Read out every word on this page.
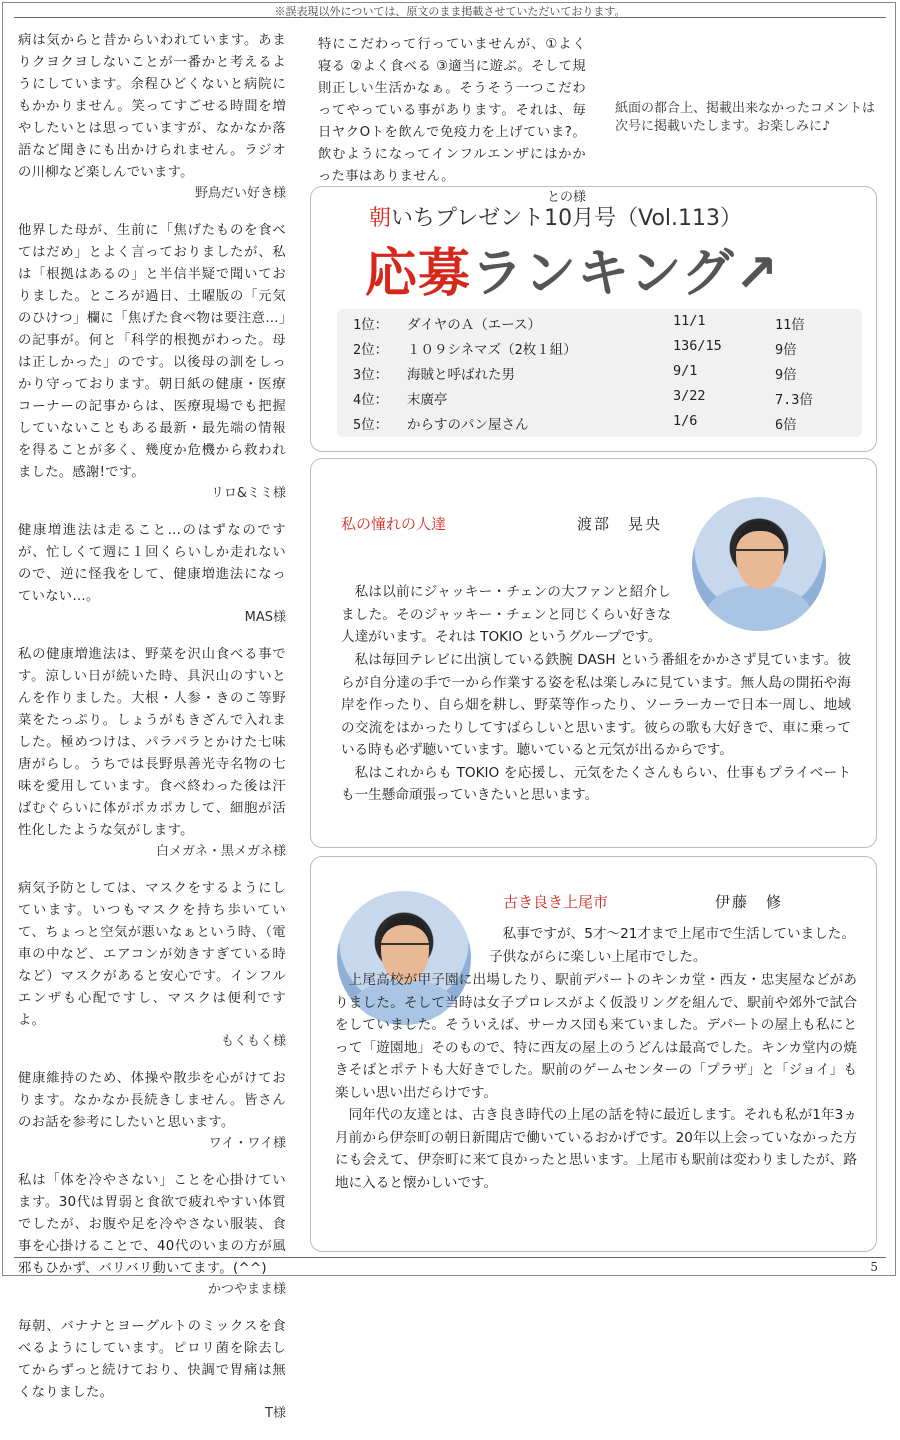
※誤表現以外については、原文のまま掲載させていただいております。
病は気からと昔からいわれています。あまりクヨクヨしないことが一番かと考えるようにしています。余程ひどくないと病院にもかかりません。笑ってすごせる時間を増やしたいとは思っていますが、なかなか落語など聞きにも出かけられません。ラジオの川柳など楽しんでいます。
野鳥だい好き様
他界した母が、生前に「焦げたものを食べてはだめ」とよく言っておりましたが、私は「根拠はあるの」と半信半疑で聞いておりました。ところが過日、土曜版の「元気のひけつ」欄に「焦げた食べ物は要注意…」の記事が。何と「科学的根拠がわった。母は正しかった」のです。以後母の訓をしっかり守っております。朝日紙の健康・医療コーナーの記事からは、医療現場でも把握していないこともある最新・最先端の情報を得ることが多く、幾度か危機から救われました。感謝!です。
リロ&ミミ様
健康増進法は走ること…のはずなのですが、忙しくて週に１回くらいしか走れないので、逆に怪我をして、健康増進法になっていない…。
MAS様
私の健康増進法は、野菜を沢山食べる事です。涼しい日が続いた時、具沢山のすいとんを作りました。大根・人参・きのこ等野菜をたっぷり。しょうがもきざんで入れました。極めつけは、パラパラとかけた七味唐がらし。うちでは長野県善光寺名物の七味を愛用しています。食べ終わった後は汗ばむぐらいに体がポカポカして、細胞が活性化したような気がします。
白メガネ・黒メガネ様
病気予防としては、マスクをするようにしています。いつもマスクを持ち歩いていて、ちょっと空気が悪いなぁという時、（電車の中など、エアコンが効きすぎている時など）マスクがあると安心です。インフルエンザも心配ですし、マスクは便利ですよ。
もくもく様
健康維持のため、体操や散歩を心がけております。なかなか長続きしません。皆さんのお話を参考にしたいと思います。
ワイ・ワイ様
私は「体を冷やさない」ことを心掛けています。30代は胃弱と食欲で疲れやすい体質でしたが、お腹や足を冷やさない服装、食事を心掛けることで、40代のいまの方が風邪もひかず、バリバリ動いてます。(^^)
かつやまま様
毎朝、バナナとヨーグルトのミックスを食べるようにしています。ピロリ菌を除去してからずっと続けており、快調で胃痛は無くなりました。
T様
特にこだわって行っていませんが、①よく寝る ②よく食べる ③適当に遊ぶ。そして規則正しい生活かなぁ。そうそう一つこだわってやっている事があります。それは、毎日ヤクOトを飲んで免疫力を上げていま?。飲むようになってインフルエンザにはかかった事はありません。
との様
紙面の都合上、掲載出来なかったコメントは次号に掲載いたします。お楽しみに♪
朝いちプレゼント10月号（Vol.113）
応募ランキング↗
1位： ダイヤのＡ（エース）	11/1	11倍
2位： １０９シネマズ（2枚１組）	136/15	9倍
3位： 海賊と呼ばれた男	9/1	9倍
4位： 末廣亭	3/22	7.3倍
5位： からすのパン屋さん	1/6	6倍
私の憧れの人達	渡部　晃央

私は以前にジャッキー・チェンの大ファンと紹介しました。そのジャッキー・チェンと同じくらい好きな人達がいます。それは TOKIO というグループです。

私は毎回テレビに出演している鉄腕 DASH という番組をかかさず見ています。彼らが自分達の手で一から作業する姿を私は楽しみに見ています。無人島の開拓や海岸を作ったり、自ら畑を耕し、野菜等作ったり、ソーラーカーで日本一周し、地域の交流をはかったりしてすばらしいと思います。彼らの歌も大好きで、車に乗っている時も必ず聴いています。聴いていると元気が出るからです。

私はこれからも TOKIO を応援し、元気をたくさんもらい、仕事もプライベートも一生懸命頑張っていきたいと思います。

古き良き上尾市	伊藤　修

私事ですが、5才～21才まで上尾市で生活していました。子供ながらに楽しい上尾市でした。

上尾高校が甲子園に出場したり、駅前デパートのキンカ堂・西友・忠実屋などがありました。そして当時は女子プロレスがよく仮設リングを組んで、駅前や郊外で試合をしていました。そういえば、サーカス団も来ていました。デパートの屋上も私にとって「遊園地」そのもので、特に西友の屋上のうどんは最高でした。キンカ堂内の焼きそばとポテトも大好きでした。駅前のゲームセンターの「プラザ」と「ジョイ」も楽しい思い出だらけです。

同年代の友達とは、古き良き時代の上尾の話を特に最近します。それも私が1年3ヵ月前から伊奈町の朝日新聞店で働いているおかげです。20年以上会っていなかった方にも会えて、伊奈町に来て良かったと思います。上尾市も駅前は変わりましたが、路地に入ると懐かしいです。

5
